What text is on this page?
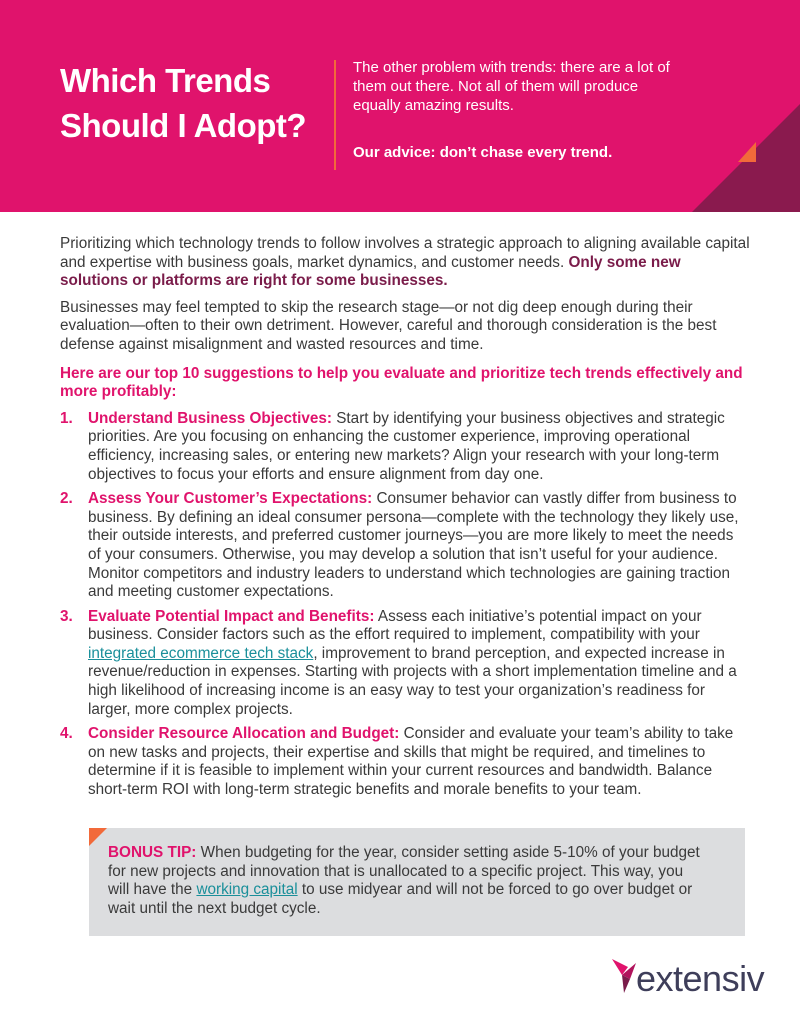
Which Trends Should I Adopt?

The other problem with trends: there are a lot of them out there. Not all of them will produce equally amazing results.

Our advice: don’t chase every trend.

Prioritizing which technology trends to follow involves a strategic approach to aligning available capital and expertise with business goals, market dynamics, and customer needs. Only some new solutions or platforms are right for some businesses.

Businesses may feel tempted to skip the research stage—or not dig deep enough during their evaluation—often to their own detriment. However, careful and thorough consideration is the best defense against misalignment and wasted resources and time.

Here are our top 10 suggestions to help you evaluate and prioritize tech trends effectively and more profitably:

1. Understand Business Objectives: Start by identifying your business objectives and strategic priorities. Are you focusing on enhancing the customer experience, improving operational efficiency, increasing sales, or entering new markets? Align your research with your long-term objectives to focus your efforts and ensure alignment from day one.
2. Assess Your Customer’s Expectations: Consumer behavior can vastly differ from business to business. By defining an ideal consumer persona—complete with the technology they likely use, their outside interests, and preferred customer journeys—you are more likely to meet the needs of your consumers. Otherwise, you may develop a solution that isn’t useful for your audience. Monitor competitors and industry leaders to understand which technologies are gaining traction and meeting customer expectations.
3. Evaluate Potential Impact and Benefits: Assess each initiative’s potential impact on your business. Consider factors such as the effort required to implement, compatibility with your integrated ecommerce tech stack, improvement to brand perception, and expected increase in revenue/reduction in expenses. Starting with projects with a short implementation timeline and a high likelihood of increasing income is an easy way to test your organization’s readiness for larger, more complex projects.
4. Consider Resource Allocation and Budget: Consider and evaluate your team’s ability to take on new tasks and projects, their expertise and skills that might be required, and timelines to determine if it is feasible to implement within your current resources and bandwidth. Balance short-term ROI with long-term strategic benefits and morale benefits to your team.

BONUS TIP: When budgeting for the year, consider setting aside 5-10% of your budget for new projects and innovation that is unallocated to a specific project. This way, you will have the working capital to use midyear and will not be forced to go over budget or wait until the next budget cycle.

extensiv
